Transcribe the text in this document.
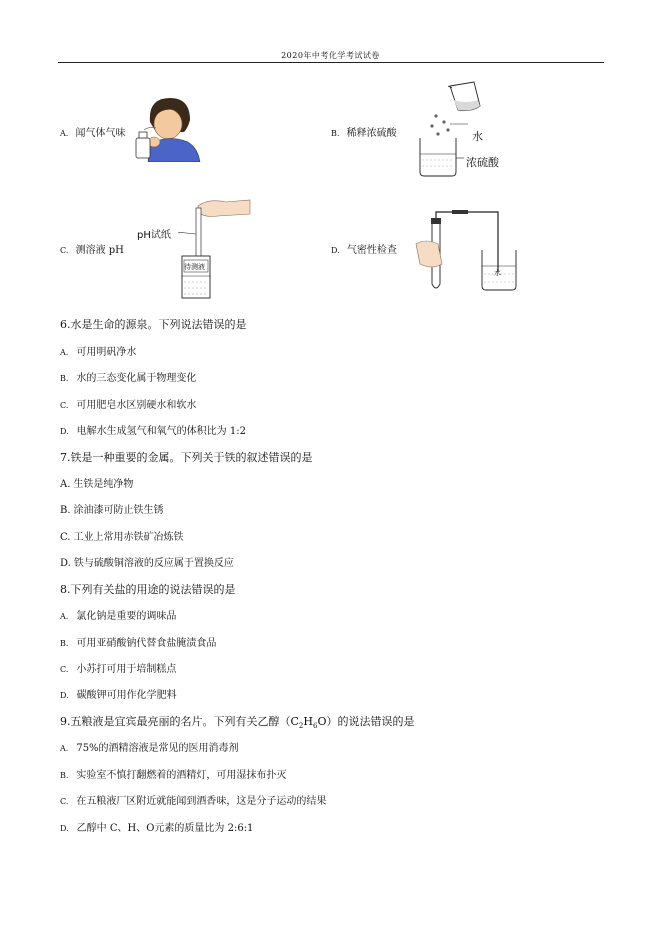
2020年中考化学考试试卷
A. 闻气体气味	B. 稀释浓硫酸	水
浓硫酸
C. 测溶液 pH
pH试纸
待测液
D. 气密性检查
水
6.水是生命的源泉。下列说法错误的是
A. 可用明矾净水
B. 水的三态变化属于物理变化
C. 可用肥皂水区别硬水和软水
D. 电解水生成氢气和氧气的体积比为 1:2
7.铁是一种重要的金属。下列关于铁的叙述错误的是
A. 生铁是纯净物
B. 涂油漆可防止铁生锈
C. 工业上常用赤铁矿冶炼铁
D. 铁与硫酸铜溶液的反应属于置换反应
8.下列有关盐的用途的说法错误的是
A. 氯化钠是重要的调味品
B. 可用亚硝酸钠代替食盐腌渍食品
C. 小苏打可用于培制糕点
D. 碳酸钾可用作化学肥料
9.五粮液是宜宾最亮丽的名片。下列有关乙醇$(C_2H_6O)$的说法错误的是
A. 75%的酒精溶液是常见的医用消毒剂
B. 实验室不慎打翻燃着的酒精灯，可用湿抹布扑灭
C. 在五粮液厂区附近就能闻到酒香味，这是分子运动的结果
D. 乙醇中 C、H、O元素的质量比为 2:6:1
